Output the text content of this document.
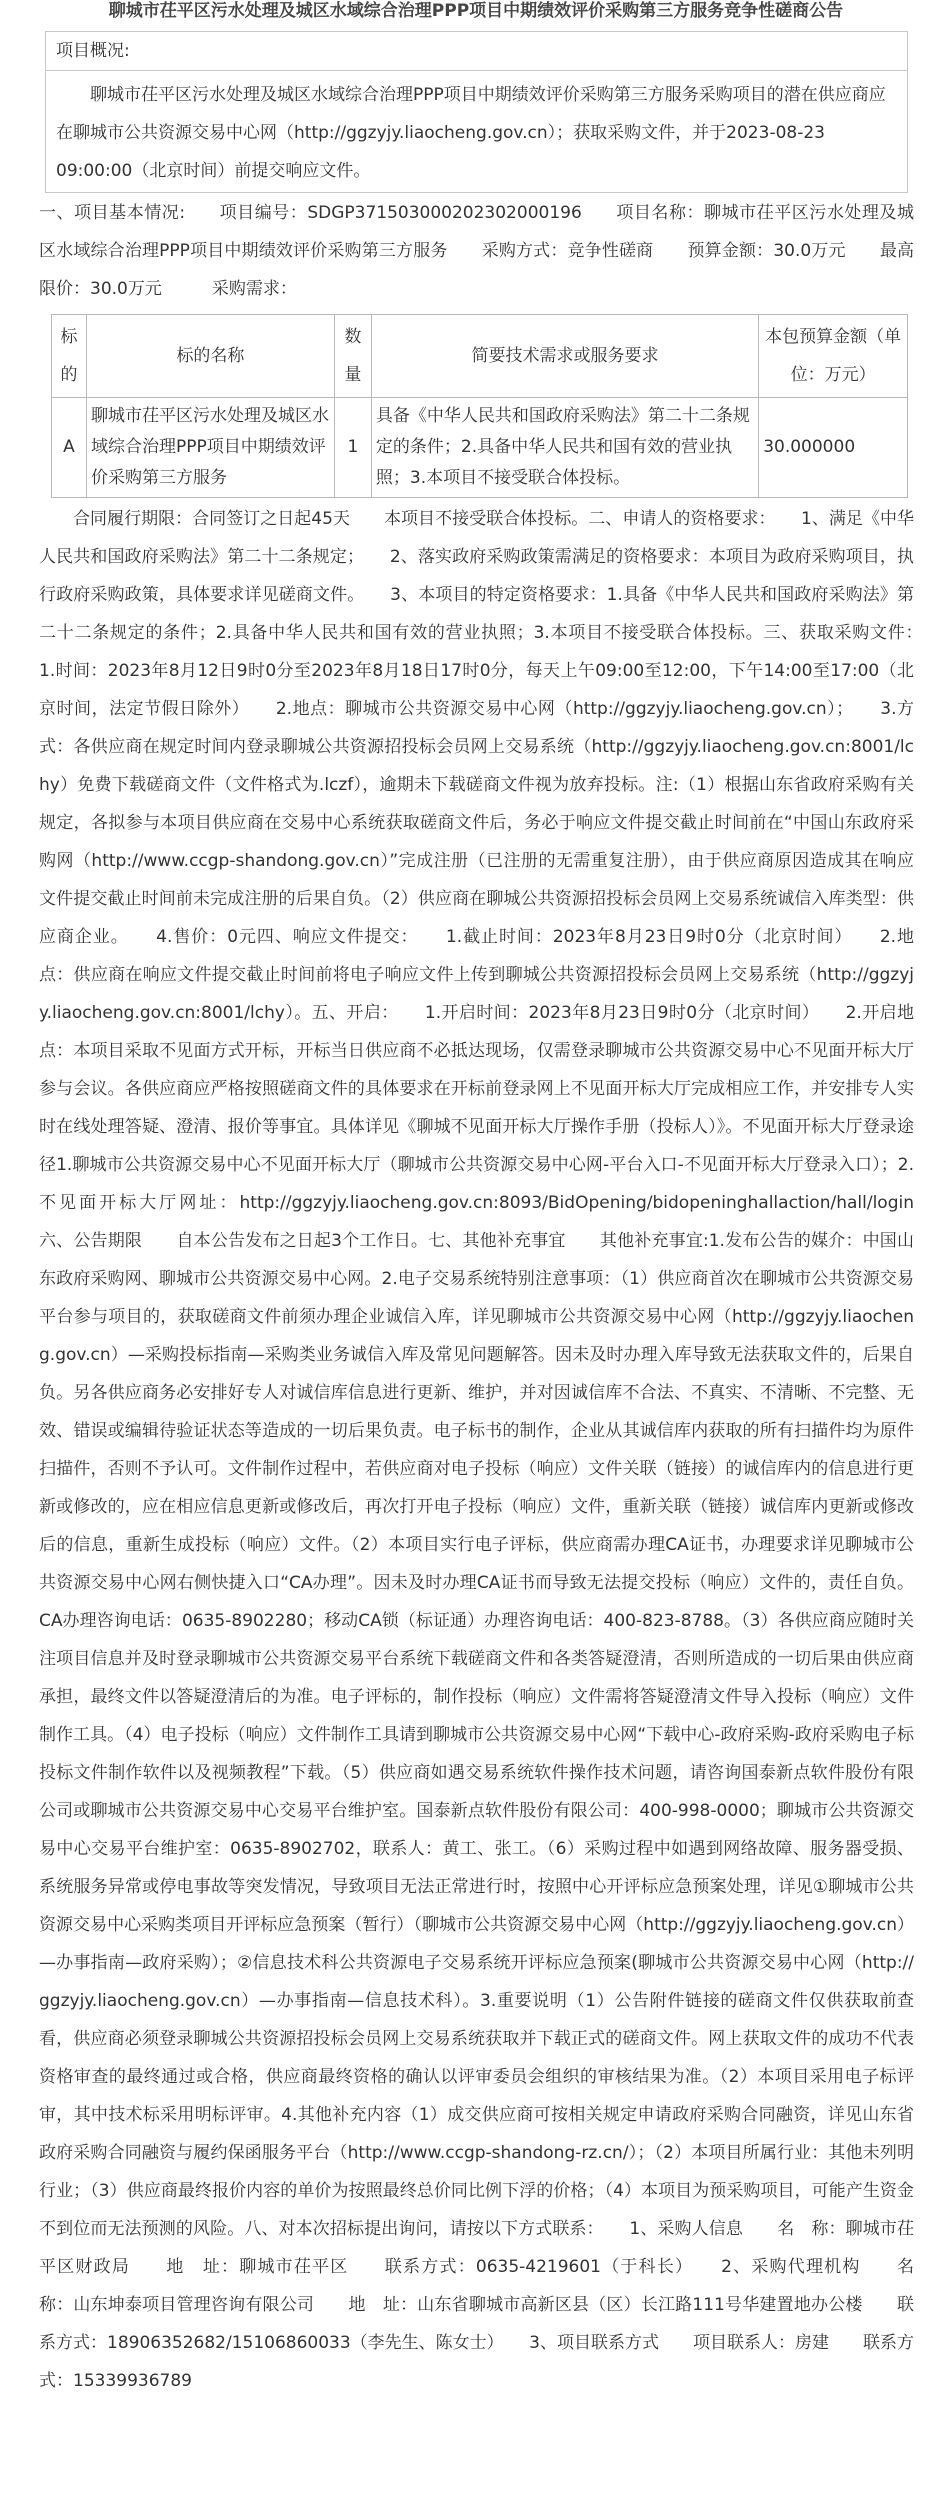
聊城市茌平区污水处理及城区水域综合治理PPP项目中期绩效评价采购第三方服务竞争性磋商公告
项目概况:
聊城市茌平区污水处理及城区水域综合治理PPP项目中期绩效评价采购第三方服务采购项目的潜在供应商应在聊城市公共资源交易中心网（http://ggzyjy.liaocheng.gov.cn）；获取采购文件，并于2023-08-23 09:00:00（北京时间）前提交响应文件。

一、项目基本情况: 项目编号：SDGP371503000202302000196 项目名称：聊城市茌平区污水处理及城区水域综合治理PPP项目中期绩效评价采购第三方服务 采购方式：竞争性磋商 预算金额：30.0万元 最高限价：30.0万元	采购需求：

标的	标的名称	数量	简要技术需求或服务要求	本包预算金额（单位：万元）
A	聊城市茌平区污水处理及城区水域综合治理PPP项目中期绩效评价采购第三方服务	1	具备《中华人民共和国政府采购法》第二十二条规定的条件；2.具备中华人民共和国有效的营业执照；3.本项目不接受联合体投标。	30.000000

合同履行期限：合同签订之日起45天　　本项目不接受联合体投标。二、申请人的资格要求：　　1、满足《中华人民共和国政府采购法》第二十二条规定；　　2、落实政府采购政策需满足的资格要求：本项目为政府采购项目，执行政府采购政策，具体要求详见磋商文件。　　3、本项目的特定资格要求：1.具备《中华人民共和国政府采购法》第二十二条规定的条件；2.具备中华人民共和国有效的营业执照；3.本项目不接受联合体投标。三、获取采购文件：　　1.时间：2023年8月12日9时0分至2023年8月18日17时0分，每天上午09:00至12:00，下午14:00至17:00（北京时间，法定节假日除外）　　2.地点：聊城市公共资源交易中心网（http://ggzyjy.liaocheng.gov.cn）；　　3.方式：各供应商在规定时间内登录聊城公共资源招投标会员网上交易系统（http://ggzyjy.liaocheng.gov.cn:8001/lchy）免费下载磋商文件（文件格式为.lczf），逾期未下载磋商文件视为放弃投标。注:（1）根据山东省政府采购有关规定，各拟参与本项目供应商在交易中心系统获取磋商文件后，务必于响应文件提交截止时间前在“中国山东政府采购网（http://www.ccgp-shandong.gov.cn）”完成注册（已注册的无需重复注册），由于供应商原因造成其在响应文件提交截止时间前未完成注册的后果自负。（2）供应商在聊城公共资源招投标会员网上交易系统诚信入库类型：供应商企业。　　4.售价：0元四、响应文件提交：　　1.截止时间：2023年8月23日9时0分（北京时间）　　2.地　点：供应商在响应文件提交截止时间前将电子响应文件上传到聊城公共资源招投标会员网上交易系统（http://ggzyjy.liaocheng.gov.cn:8001/lchy）。五、开启：　　1.开启时间：2023年8月23日9时0分（北京时间）　　2.开启地点：本项目采取不见面方式开标，开标当日供应商不必抵达现场，仅需登录聊城市公共资源交易中心不见面开标大厅参与会议。各供应商应严格按照磋商文件的具体要求在开标前登录网上不见面开标大厅完成相应工作，并安排专人实时在线处理答疑、澄清、报价等事宜。具体详见《聊城不见面开标大厅操作手册（投标人）》。不见面开标大厅登录途径1.聊城市公共资源交易中心不见面开标大厅（聊城市公共资源交易中心网-平台入口-不见面开标大厅登录入口）；2.不见面开标大厅网址：http://ggzyjy.liaocheng.gov.cn:8093/BidOpening/bidopeninghallaction/hall/login六、公告期限　　自本公告发布之日起3个工作日。七、其他补充事宜　　其他补充事宜:1.发布公告的媒介：中国山东政府采购网、聊城市公共资源交易中心网。2.电子交易系统特别注意事项：（1）供应商首次在聊城市公共资源交易平台参与项目的，获取磋商文件前须办理企业诚信入库，详见聊城市公共资源交易中心网（http://ggzyjy.liaocheng.gov.cn）—采购投标指南—采购类业务诚信入库及常见问题解答。因未及时办理入库导致无法获取文件的，后果自负。另各供应商务必安排好专人对诚信库信息进行更新、维护，并对因诚信库不合法、不真实、不清晰、不完整、无效、错误或编辑待验证状态等造成的一切后果负责。电子标书的制作，企业从其诚信库内获取的所有扫描件均为原件扫描件，否则不予认可。文件制作过程中，若供应商对电子投标（响应）文件关联（链接）的诚信库内的信息进行更新或修改的，应在相应信息更新或修改后，再次打开电子投标（响应）文件，重新关联（链接）诚信库内更新或修改后的信息，重新生成投标（响应）文件。（2）本项目实行电子评标，供应商需办理CA证书，办理要求详见聊城市公共资源交易中心网右侧快捷入口“CA办理”。因未及时办理CA证书而导致无法提交投标（响应）文件的，责任自负。CA办理咨询电话：0635-8902280；移动CA锁（标证通）办理咨询电话：400-823-8788。（3）各供应商应随时关注项目信息并及时登录聊城市公共资源交易平台系统下载磋商文件和各类答疑澄清，否则所造成的一切后果由供应商承担，最终文件以答疑澄清后的为准。电子评标的，制作投标（响应）文件需将答疑澄清文件导入投标（响应）文件制作工具。（4）电子投标（响应）文件制作工具请到聊城市公共资源交易中心网“下载中心-政府采购-政府采购电子标投标文件制作软件以及视频教程”下载。（5）供应商如遇交易系统软件操作技术问题，请咨询国泰新点软件股份有限公司或聊城市公共资源交易中心交易平台维护室。国泰新点软件股份有限公司：400-998-0000；聊城市公共资源交易中心交易平台维护室：0635-8902702，联系人：黄工、张工。（6）采购过程中如遇到网络故障、服务器受损、系统服务异常或停电事故等突发情况，导致项目无法正常进行时，按照中心开评标应急预案处理，详见①聊城市公共资源交易中心采购类项目开评标应急预案（暂行）（聊城市公共资源交易中心网（http://ggzyjy.liaocheng.gov.cn）—办事指南—政府采购）；②信息技术科公共资源电子交易系统开评标应急预案(聊城市公共资源交易中心网（http://ggzyjy.liaocheng.gov.cn）—办事指南—信息技术科）。3.重要说明（1）公告附件链接的磋商文件仅供获取前查看，供应商必须登录聊城公共资源招投标会员网上交易系统获取并下载正式的磋商文件。网上获取文件的成功不代表资格审查的最终通过或合格，供应商最终资格的确认以评审委员会组织的审核结果为准。（2）本项目采用电子标评审，其中技术标采用明标评审。4.其他补充内容（1）成交供应商可按相关规定申请政府采购合同融资，详见山东省政府采购合同融资与履约保函服务平台（http://www.ccgp-shandong-rz.cn/）；（2）本项目所属行业：其他未列明行业；（3）供应商最终报价内容的单价为按照最终总价同比例下浮的价格；（4）本项目为预采购项目，可能产生资金不到位而无法预测的风险。八、对本次招标提出询问，请按以下方式联系：　　1、采购人信息　　名　称：聊城市茌平区财政局　　地　址：聊城市茌平区　　联系方式：0635-4219601（于科长）　　2、采购代理机构　　名　称：山东坤泰项目管理咨询有限公司　　地　址：山东省聊城市高新区县（区）长江路111号华建置地办公楼　　联系方式：18906352682/15106860033（李先生、陈女士）　　3、项目联系方式　　项目联系人：房建　　联系方式：15339936789
